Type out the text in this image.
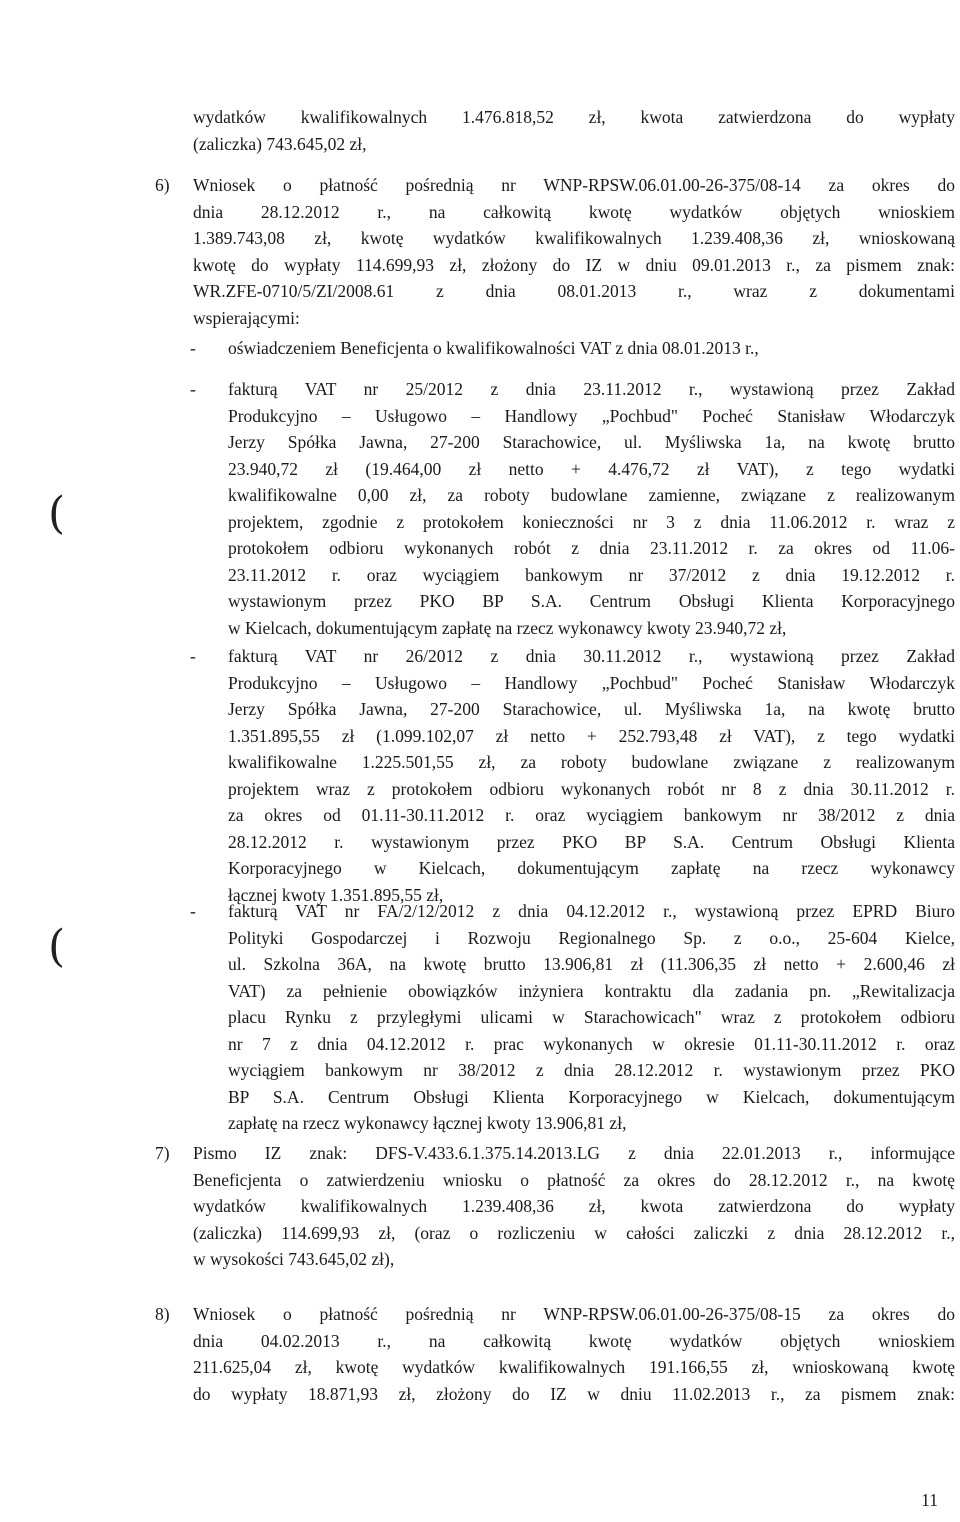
wydatków kwalifikowalnych 1.476.818,52 zł, kwota zatwierdzona do wypłaty
(zaliczka) 743.645,02 zł,
6)	Wniosek o płatność pośrednią nr WNP-RPSW.06.01.00-26-375/08-14 za okres do
dnia 28.12.2012 r., na całkowitą kwotę wydatków objętych wnioskiem
1.389.743,08 zł, kwotę wydatków kwalifikowalnych 1.239.408,36 zł, wnioskowaną
kwotę do wypłaty 114.699,93 zł, złożony do IZ w dniu 09.01.2013 r., za pismem znak:
WR.ZFE-0710/5/ZI/2008.61 z dnia 08.01.2013 r., wraz z dokumentami
wspierającymi:
-	oświadczeniem Beneficjenta o kwalifikowalności VAT z dnia 08.01.2013 r.,
-	fakturą VAT nr 25/2012 z dnia 23.11.2012 r., wystawioną przez Zakład
Produkcyjno – Usługowo – Handlowy „Pochbud" Pocheć Stanisław Włodarczyk
Jerzy Spółka Jawna, 27-200 Starachowice, ul. Myśliwska 1a, na kwotę brutto
23.940,72 zł (19.464,00 zł netto + 4.476,72 zł VAT), z tego wydatki
kwalifikowalne 0,00 zł, za roboty budowlane zamienne, związane z realizowanym
projektem, zgodnie z protokołem konieczności nr 3 z dnia 11.06.2012 r. wraz z
protokołem odbioru wykonanych robót z dnia 23.11.2012 r. za okres od 11.06-
23.11.2012 r. oraz wyciągiem bankowym nr 37/2012 z dnia 19.12.2012 r.
wystawionym przez PKO BP S.A. Centrum Obsługi Klienta Korporacyjnego
w Kielcach, dokumentującym zapłatę na rzecz wykonawcy kwoty 23.940,72 zł,
-	fakturą VAT nr 26/2012 z dnia 30.11.2012 r., wystawioną przez Zakład
Produkcyjno – Usługowo – Handlowy „Pochbud" Pocheć Stanisław Włodarczyk
Jerzy Spółka Jawna, 27-200 Starachowice, ul. Myśliwska 1a, na kwotę brutto
1.351.895,55 zł (1.099.102,07 zł netto + 252.793,48 zł VAT), z tego wydatki
kwalifikowalne 1.225.501,55 zł, za roboty budowlane związane z realizowanym
projektem wraz z protokołem odbioru wykonanych robót nr 8 z dnia 30.11.2012 r.
za okres od 01.11-30.11.2012 r. oraz wyciągiem bankowym nr 38/2012 z dnia
28.12.2012 r. wystawionym przez PKO BP S.A. Centrum Obsługi Klienta
Korporacyjnego w Kielcach, dokumentującym zapłatę na rzecz wykonawcy
łącznej kwoty 1.351.895,55 zł,
-	fakturą VAT nr FA/2/12/2012 z dnia 04.12.2012 r., wystawioną przez EPRD Biuro
Polityki Gospodarczej i Rozwoju Regionalnego Sp. z o.o., 25-604 Kielce,
ul. Szkolna 36A, na kwotę brutto 13.906,81 zł (11.306,35 zł netto + 2.600,46 zł
VAT) za pełnienie obowiązków inżyniera kontraktu dla zadania pn. „Rewitalizacja
placu Rynku z przyległymi ulicami w Starachowicach" wraz z protokołem odbioru
nr 7 z dnia 04.12.2012 r. prac wykonanych w okresie 01.11-30.11.2012 r. oraz
wyciągiem bankowym nr 38/2012 z dnia 28.12.2012 r. wystawionym przez PKO
BP S.A. Centrum Obsługi Klienta Korporacyjnego w Kielcach, dokumentującym
zapłatę na rzecz wykonawcy łącznej kwoty 13.906,81 zł,
7)	Pismo IZ znak: DFS-V.433.6.1.375.14.2013.LG z dnia 22.01.2013 r., informujące
Beneficjenta o zatwierdzeniu wniosku o płatność za okres do 28.12.2012 r., na kwotę
wydatków kwalifikowalnych 1.239.408,36 zł, kwota zatwierdzona do wypłaty
(zaliczka) 114.699,93 zł, (oraz o rozliczeniu w całości zaliczki z dnia 28.12.2012 r.,
w wysokości 743.645,02 zł),
8)	Wniosek o płatność pośrednią nr WNP-RPSW.06.01.00-26-375/08-15 za okres do
dnia 04.02.2013 r., na całkowitą kwotę wydatków objętych wnioskiem
211.625,04 zł, kwotę wydatków kwalifikowalnych 191.166,55 zł, wnioskowaną kwotę
do wypłaty 18.871,93 zł, złożony do IZ w dniu 11.02.2013 r., za pismem znak:
(
(
11
